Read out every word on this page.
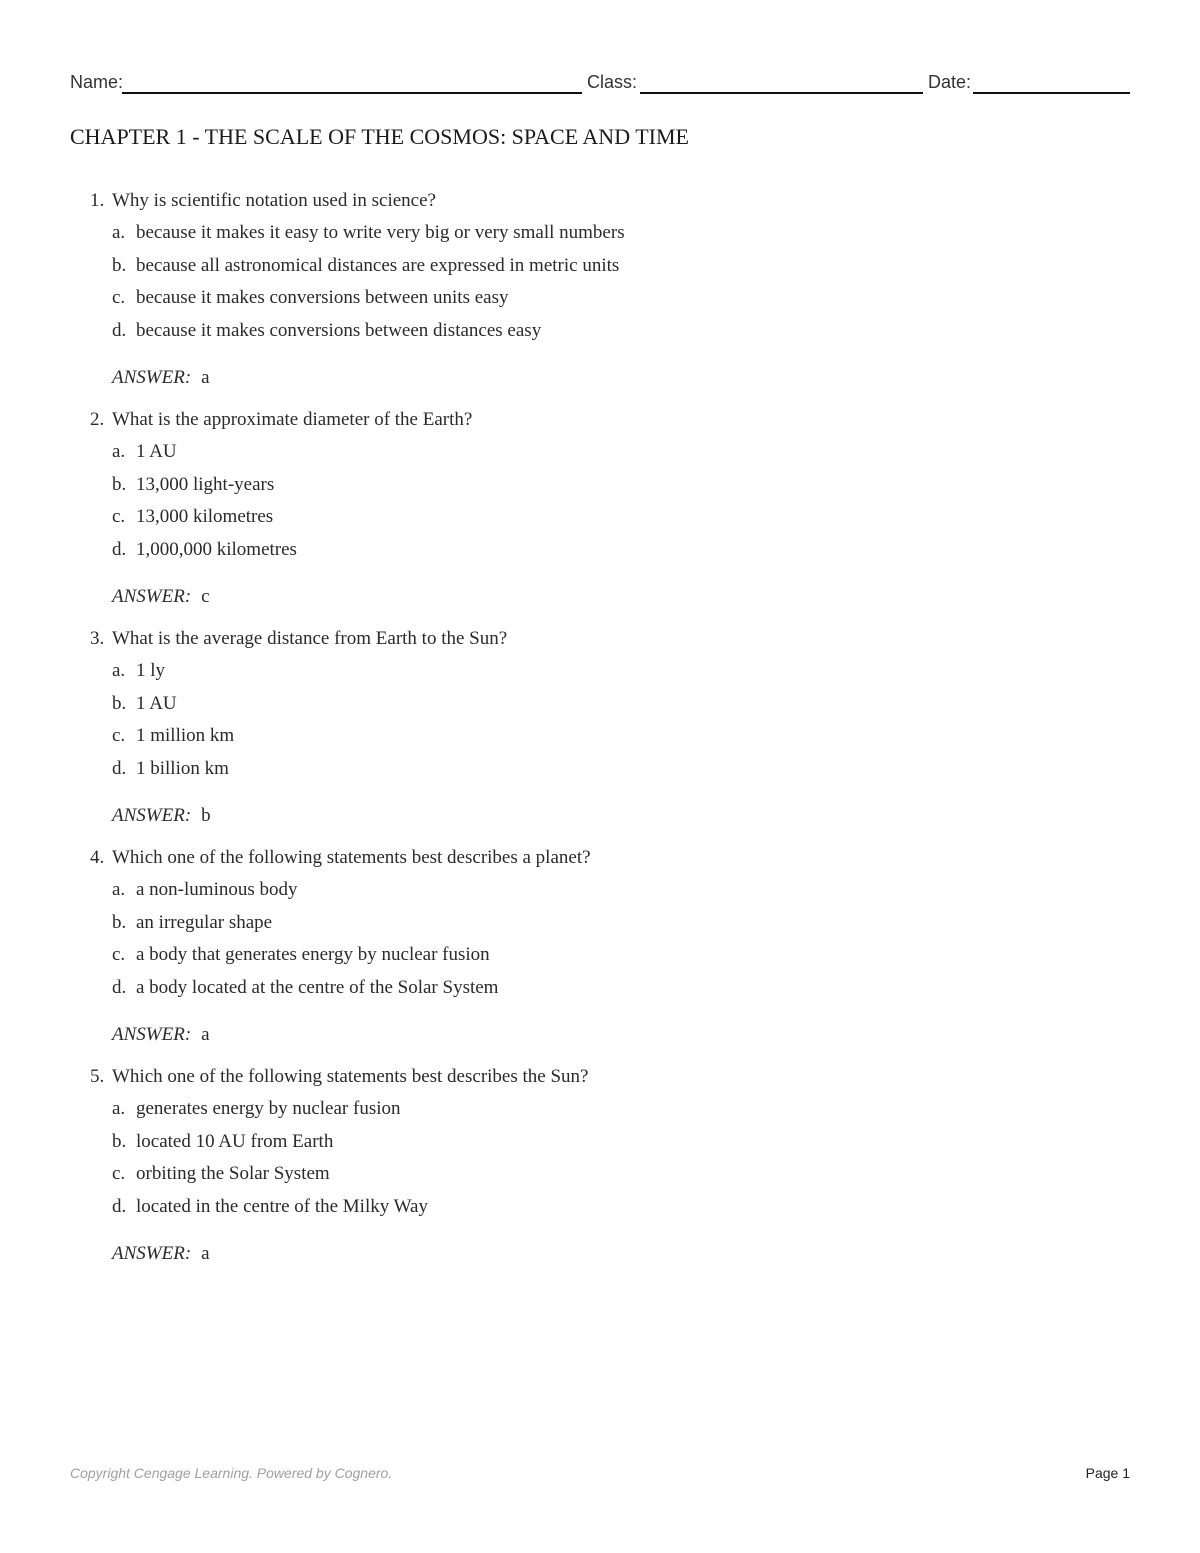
Name:	Class:	Date:
CHAPTER 1 - THE SCALE OF THE COSMOS: SPACE AND TIME
1. Why is scientific notation used in science?
a. because it makes it easy to write very big or very small numbers
b. because all astronomical distances are expressed in metric units
c. because it makes conversions between units easy
d. because it makes conversions between distances easy
ANSWER: a
2. What is the approximate diameter of the Earth?
a. 1 AU
b. 13,000 light-years
c. 13,000 kilometres
d. 1,000,000 kilometres
ANSWER: c
3. What is the average distance from Earth to the Sun?
a. 1 ly
b. 1 AU
c. 1 million km
d. 1 billion km
ANSWER: b
4. Which one of the following statements best describes a planet?
a. a non-luminous body
b. an irregular shape
c. a body that generates energy by nuclear fusion
d. a body located at the centre of the Solar System
ANSWER: a
5. Which one of the following statements best describes the Sun?
a. generates energy by nuclear fusion
b. located 10 AU from Earth
c. orbiting the Solar System
d. located in the centre of the Milky Way
ANSWER: a
Copyright Cengage Learning. Powered by Cognero.	Page 1
